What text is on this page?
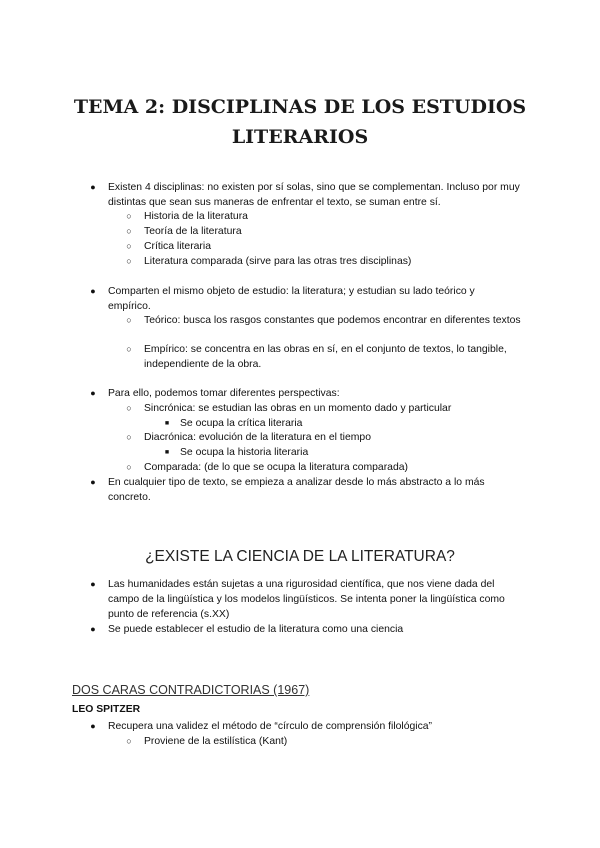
TEMA 2: DISCIPLINAS DE LOS ESTUDIOS LITERARIOS
● Existen 4 disciplinas: no existen por sí solas, sino que se complementan. Incluso por muy distintas que sean sus maneras de enfrentar el texto, se suman entre sí.
○ Historia de la literatura
○ Teoría de la literatura
○ Crítica literaria
○ Literatura comparada (sirve para las otras tres disciplinas)
● Comparten el mismo objeto de estudio: la literatura; y estudian su lado teórico y empírico.
○ Teórico: busca los rasgos constantes que podemos encontrar en diferentes textos
○ Empírico: se concentra en las obras en sí, en el conjunto de textos, lo tangible, independiente de la obra.
● Para ello, podemos tomar diferentes perspectivas:
○ Sincrónica: se estudian las obras en un momento dado y particular
■ Se ocupa la crítica literaria
○ Diacrónica: evolución de la literatura en el tiempo
■ Se ocupa la historia literaria
○ Comparada: (de lo que se ocupa la literatura comparada)
● En cualquier tipo de texto, se empieza a analizar desde lo más abstracto a lo más concreto.
¿EXISTE LA CIENCIA DE LA LITERATURA?
● Las humanidades están sujetas a una rigurosidad científica, que nos viene dada del campo de la lingüística y los modelos lingüísticos. Se intenta poner la lingüística como punto de referencia (s.XX)
● Se puede establecer el estudio de la literatura como una ciencia
DOS CARAS CONTRADICTORIAS (1967)
LEO SPITZER
● Recupera una validez el método de “círculo de comprensión filológica”
○ Proviene de la estilística (Kant)
